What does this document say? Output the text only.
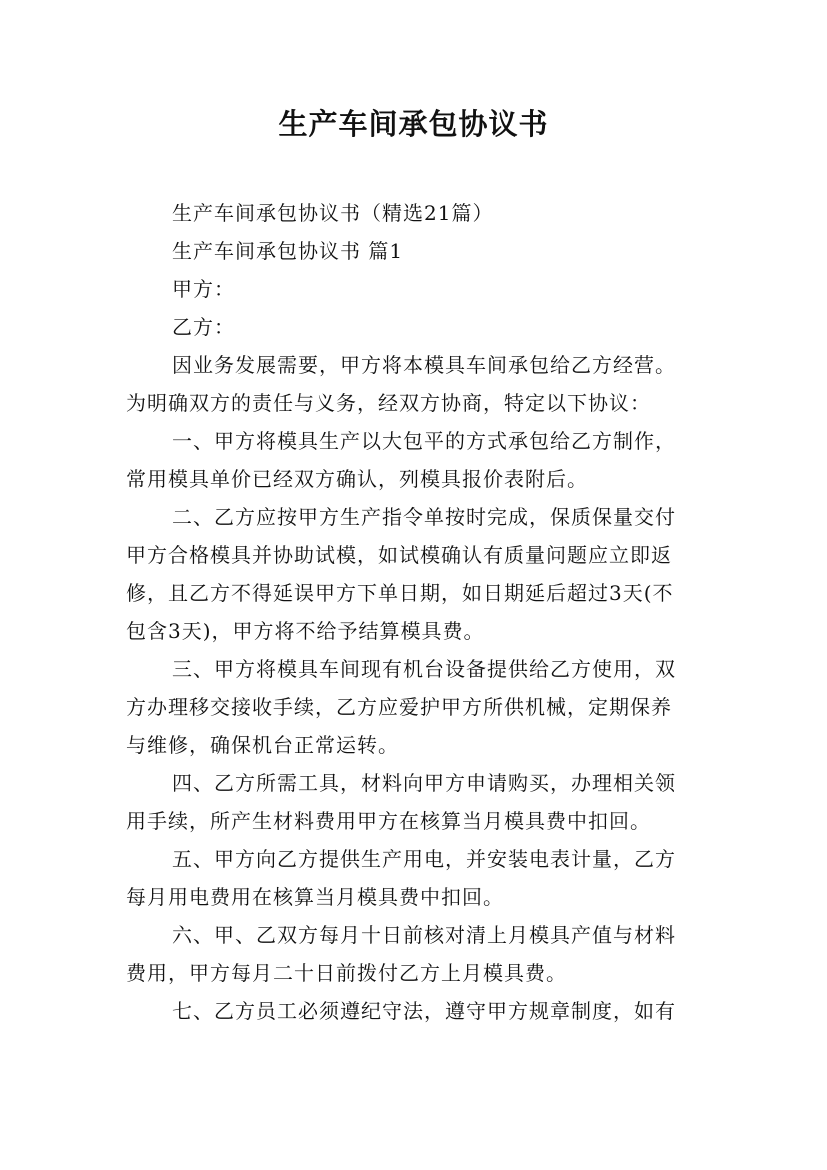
生产车间承包协议书
生产车间承包协议书（精选21篇）
生产车间承包协议书 篇1
甲方：
乙方：
因业务发展需要，甲方将本模具车间承包给乙方经营。
为明确双方的责任与义务，经双方协商，特定以下协议：
一、甲方将模具生产以大包平的方式承包给乙方制作，
常用模具单价已经双方确认，列模具报价表附后。
二、乙方应按甲方生产指令单按时完成，保质保量交付
甲方合格模具并协助试模，如试模确认有质量问题应立即返
修，且乙方不得延误甲方下单日期，如日期延后超过3天(不
包含3天)，甲方将不给予结算模具费。
三、甲方将模具车间现有机台设备提供给乙方使用，双
方办理移交接收手续，乙方应爱护甲方所供机械，定期保养
与维修，确保机台正常运转。
四、乙方所需工具，材料向甲方申请购买，办理相关领
用手续，所产生材料费用甲方在核算当月模具费中扣回。
五、甲方向乙方提供生产用电，并安装电表计量，乙方
每月用电费用在核算当月模具费中扣回。
六、甲、乙双方每月十日前核对清上月模具产值与材料
费用，甲方每月二十日前拨付乙方上月模具费。
七、乙方员工必须遵纪守法，遵守甲方规章制度，如有
